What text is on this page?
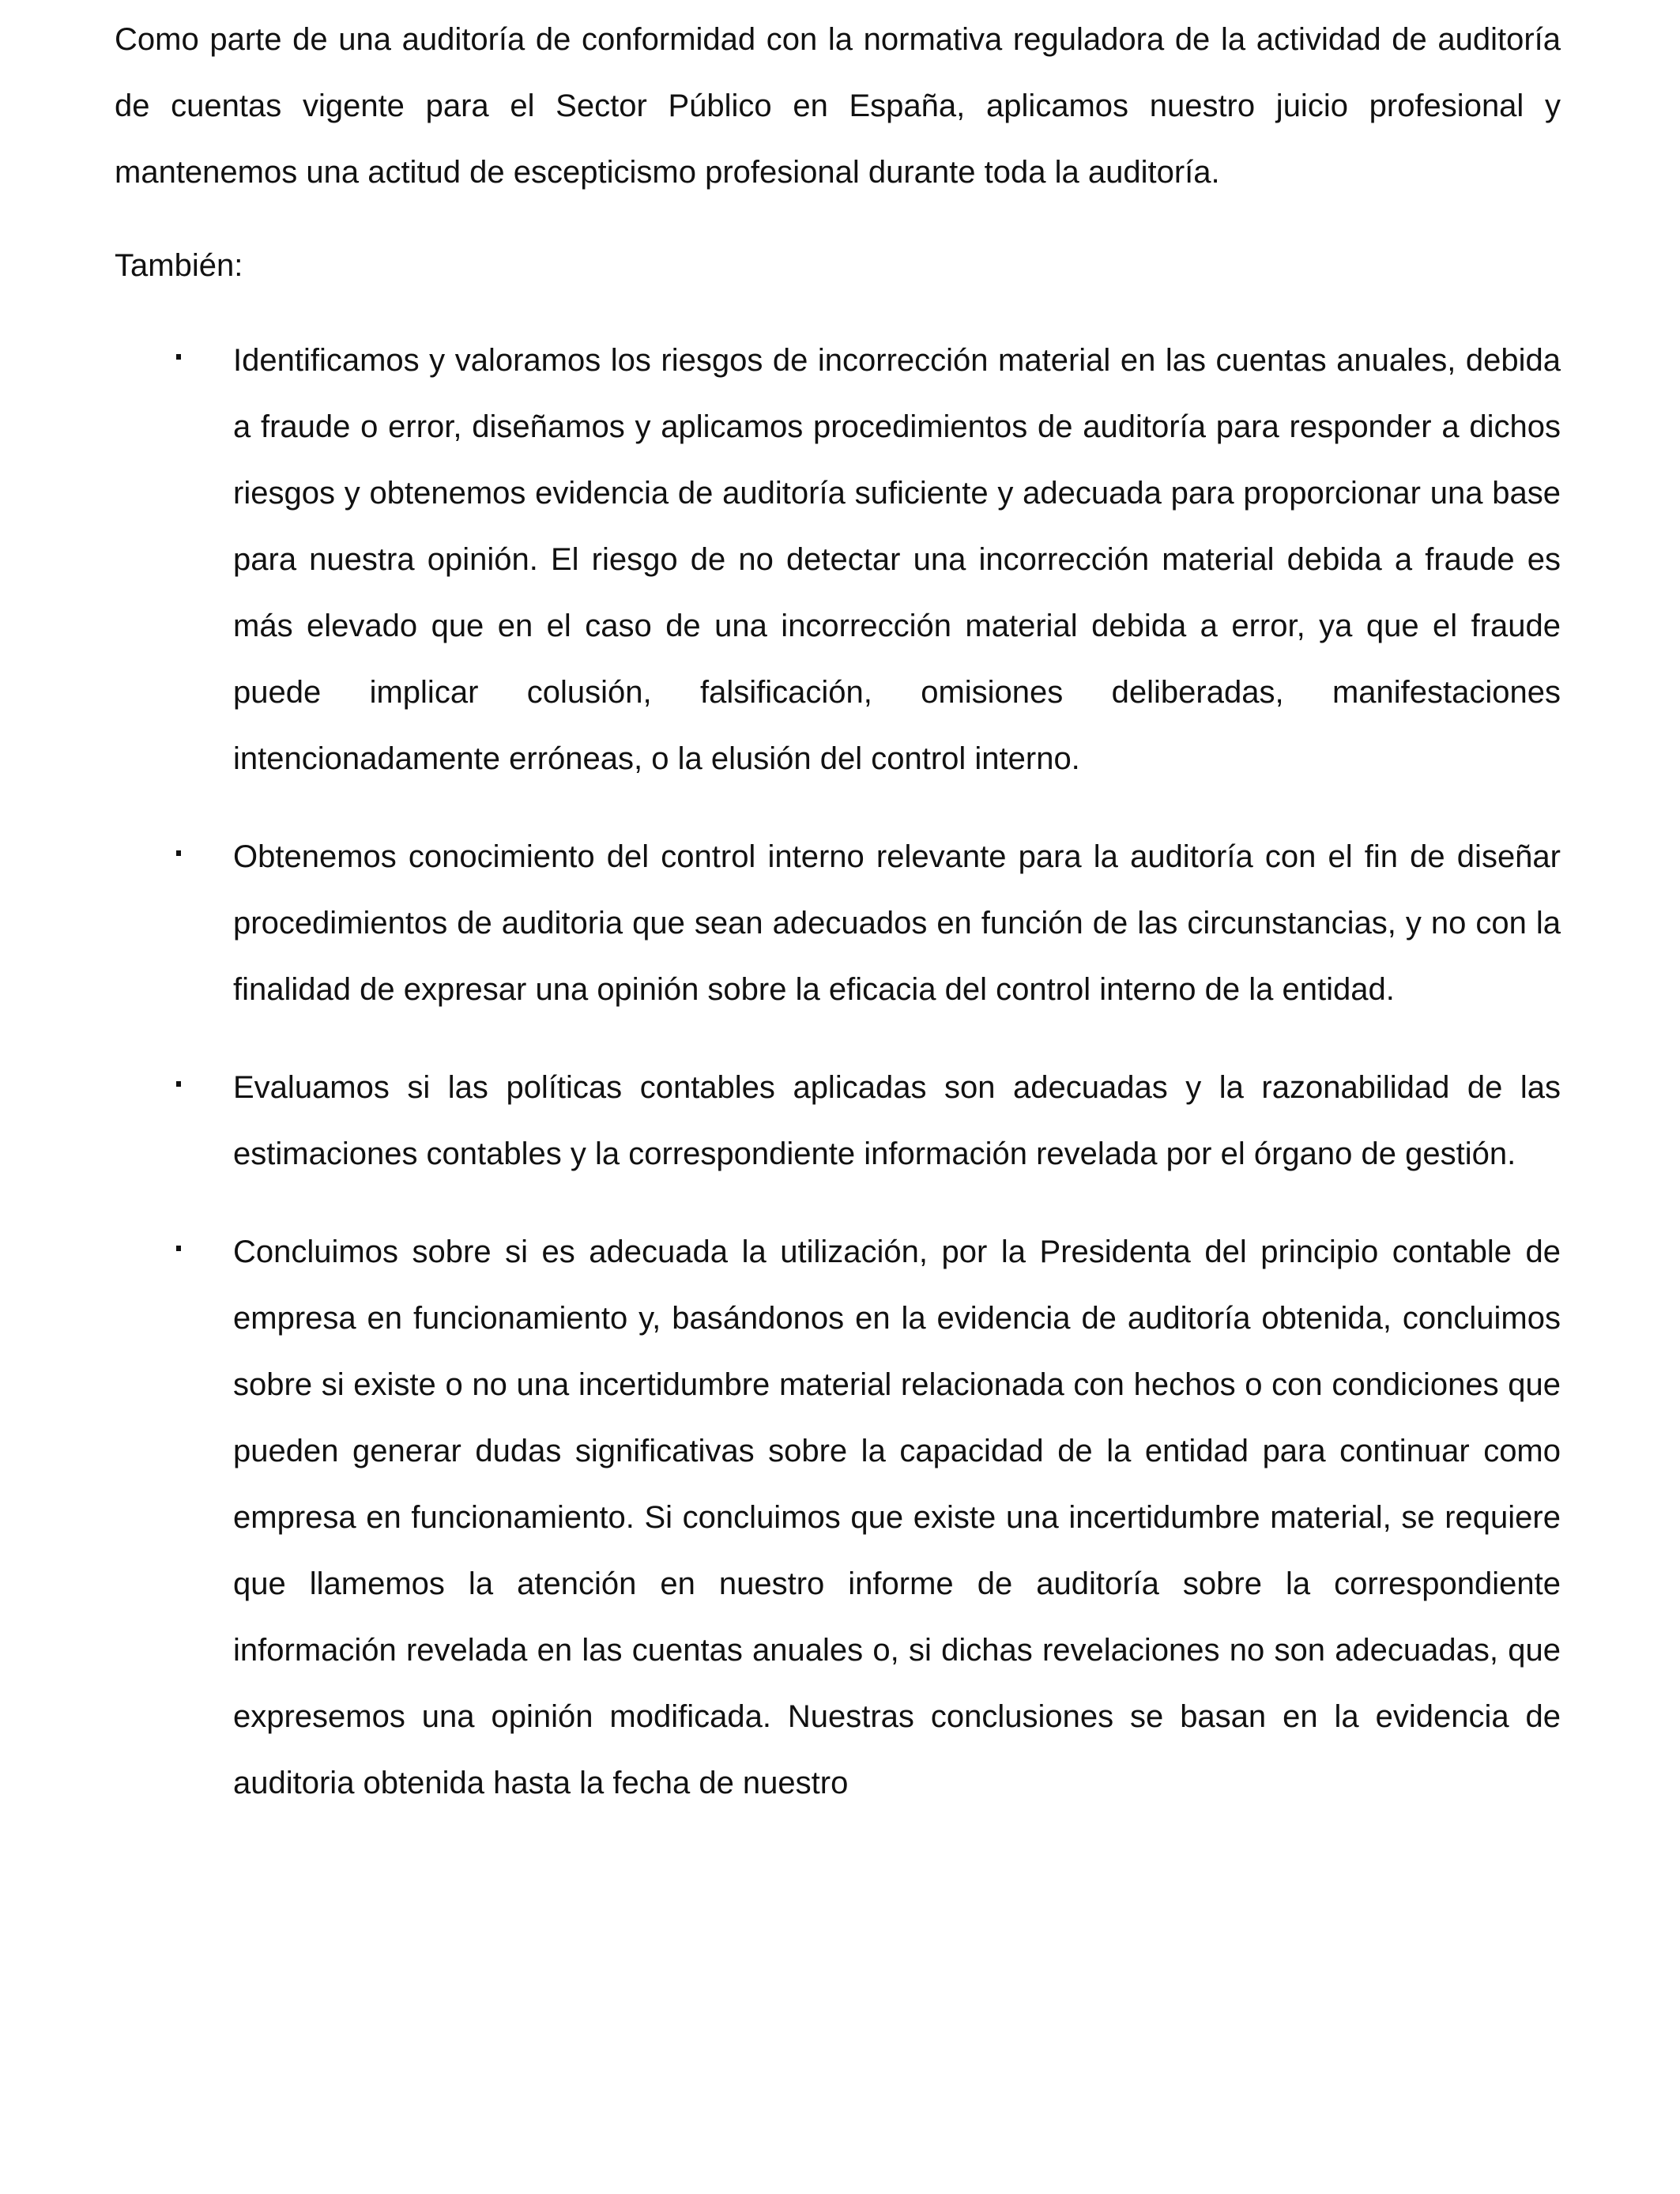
Como parte de una auditoría de conformidad con la normativa reguladora de la actividad de auditoría de cuentas vigente para el Sector Público en España, aplicamos nuestro juicio profesional y mantenemos una actitud de escepticismo profesional durante toda la auditoría.

También:

Identificamos y valoramos los riesgos de incorrección material en las cuentas anuales, debida a fraude o error, diseñamos y aplicamos procedimientos de auditoría para responder a dichos riesgos y obtenemos evidencia de auditoría suficiente y adecuada para proporcionar una base para nuestra opinión. El riesgo de no detectar una incorrección material debida a fraude es más elevado que en el caso de una incorrección material debida a error, ya que el fraude puede implicar colusión, falsificación, omisiones deliberadas, manifestaciones intencionadamente erróneas, o la elusión del control interno.

Obtenemos conocimiento del control interno relevante para la auditoría con el fin de diseñar procedimientos de auditoria que sean adecuados en función de las circunstancias, y no con la finalidad de expresar una opinión sobre la eficacia del control interno de la entidad.

Evaluamos si las políticas contables aplicadas son adecuadas y la razonabilidad de las estimaciones contables y la correspondiente información revelada por el órgano de gestión.

Concluimos sobre si es adecuada la utilización, por la Presidenta del principio contable de empresa en funcionamiento y, basándonos en la evidencia de auditoría obtenida, concluimos sobre si existe o no una incertidumbre material relacionada con hechos o con condiciones que pueden generar dudas significativas sobre la capacidad de la entidad para continuar como empresa en funcionamiento. Si concluimos que existe una incertidumbre material, se requiere que llamemos la atención en nuestro informe de auditoría sobre la correspondiente información revelada en las cuentas anuales o, si dichas revelaciones no son adecuadas, que expresemos una opinión modificada. Nuestras conclusiones se basan en la evidencia de auditoria obtenida hasta la fecha de nuestro
